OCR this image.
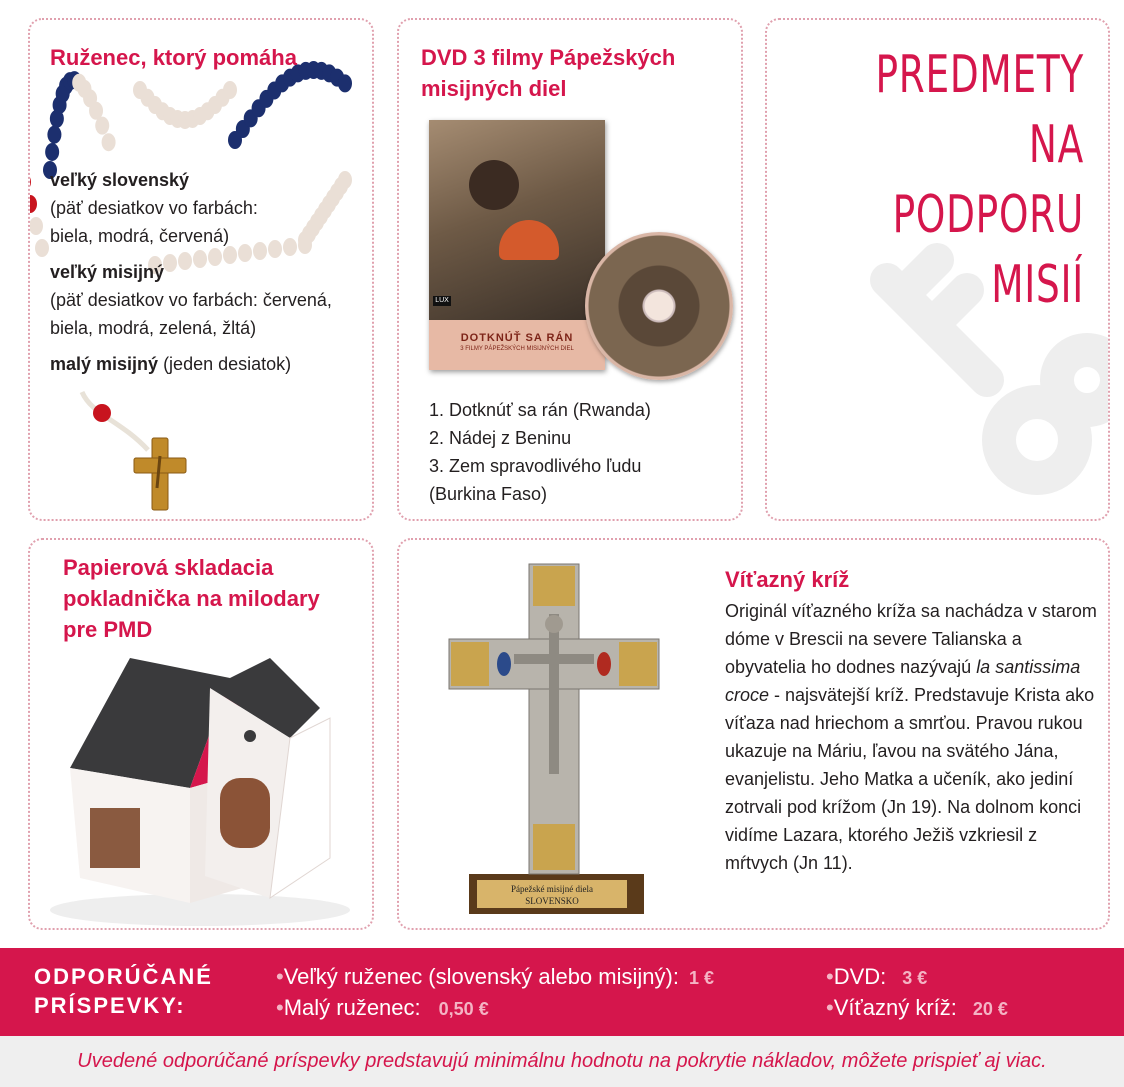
Ruženec, ktorý pomáha

veľký slovenský
(päť desiatkov vo farbách:
biela, modrá, červená)
veľký misijný
(päť desiatkov vo farbách: červená,
biela, modrá, zelená, žltá)
malý misijný (jeden desiatok)

DVD 3 filmy Pápežských
misijných diel

LUX
DOTKNÚŤ SA RÁN
3 FILMY PÁPEŽSKÝCH MISIJNÝCH DIEL
1. Dotknúť sa rán (Rwanda)
2. Nádej z Beninu
3. Zem spravodlivého ľudu
(Burkina Faso)
PREDMETY
NA PODPORU
MISIÍ

Papierová skladacia
pokladnička na milodary
pre PMD

Pápežské misijné diela
SLOVENSKO

Víťazný kríž

Originál víťazného kríža sa nachádza v starom dóme v Brescii na severe Talianska a obyvatelia ho dodnes nazývajú la santissima croce - najsvätejší kríž. Predstavuje Krista ako víťaza nad hriechom a smrťou. Pravou rukou ukazuje na Máriu, ľavou na svätého Jána, evanjelistu. Jeho Matka a učeník, ako jediní zotrvali pod krížom (Jn 19). Na dolnom konci vidíme Lazara, ktorého Ježiš vzkriesil z mŕtvych (Jn 11).
ODPORÚČANÉ
PRÍSPEVKY:
•Veľký ruženec (slovenský alebo misijný): 1 €
•Malý ruženec: 0,50 €
•DVD: 3 €
•Víťazný kríž: 20 €
Uvedené odporúčané príspevky predstavujú minimálnu hodnotu na pokrytie nákladov, môžete prispieť aj viac.
